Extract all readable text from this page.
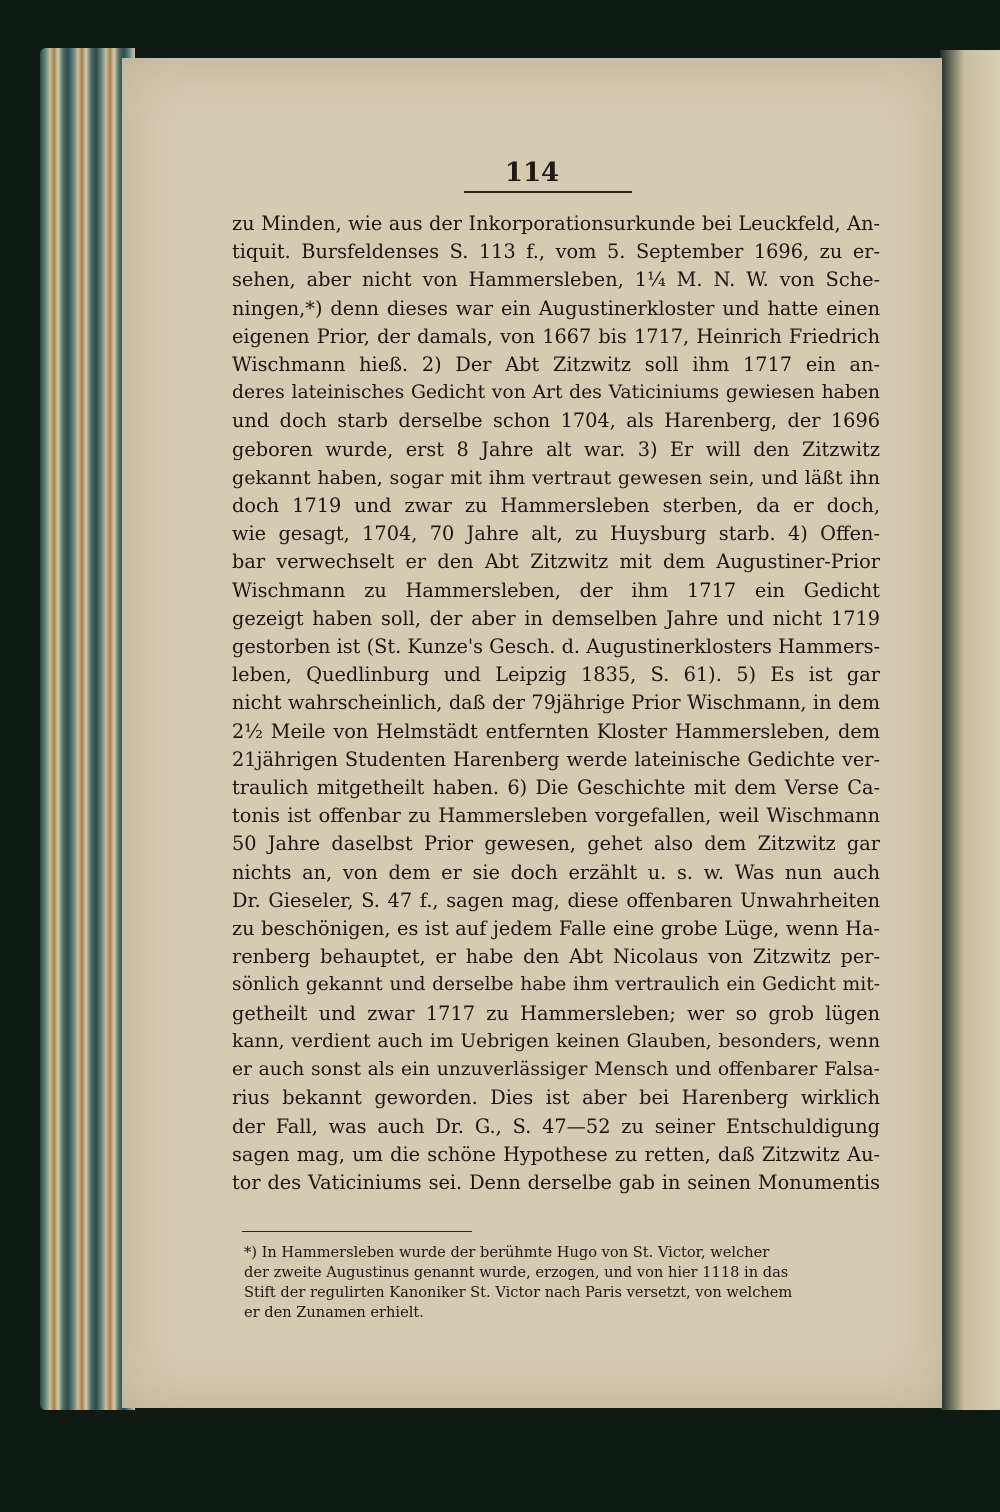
114
zu Minden, wie aus der Inkorporationsurkunde bei Leuckfeld, An-
tiquit. Bursfeldenses S. 113 f., vom 5. September 1696, zu er-
sehen, aber nicht von Hammersleben, 1¼ M. N. W. von Sche-
ningen,*) denn dieses war ein Augustinerkloster und hatte einen
eigenen Prior, der damals, von 1667 bis 1717, Heinrich Friedrich
Wischmann hieß. 2) Der Abt Zitzwitz soll ihm 1717 ein an-
deres lateinisches Gedicht von Art des Vaticiniums gewiesen haben
und doch starb derselbe schon 1704, als Harenberg, der 1696
geboren wurde, erst 8 Jahre alt war. 3) Er will den Zitzwitz
gekannt haben, sogar mit ihm vertraut gewesen sein, und läßt ihn
doch 1719 und zwar zu Hammersleben sterben, da er doch,
wie gesagt, 1704, 70 Jahre alt, zu Huysburg starb. 4) Offen-
bar verwechselt er den Abt Zitzwitz mit dem Augustiner-Prior
Wischmann zu Hammersleben, der ihm 1717 ein Gedicht
gezeigt haben soll, der aber in demselben Jahre und nicht 1719
gestorben ist (St. Kunze's Gesch. d. Augustinerklosters Hammers-
leben, Quedlinburg und Leipzig 1835, S. 61). 5) Es ist gar
nicht wahrscheinlich, daß der 79jährige Prior Wischmann, in dem
2½ Meile von Helmstädt entfernten Kloster Hammersleben, dem
21jährigen Studenten Harenberg werde lateinische Gedichte ver-
traulich mitgetheilt haben. 6) Die Geschichte mit dem Verse Ca-
tonis ist offenbar zu Hammersleben vorgefallen, weil Wischmann
50 Jahre daselbst Prior gewesen, gehet also dem Zitzwitz gar
nichts an, von dem er sie doch erzählt u. s. w. Was nun auch
Dr. Gieseler, S. 47 f., sagen mag, diese offenbaren Unwahrheiten
zu beschönigen, es ist auf jedem Falle eine grobe Lüge, wenn Ha-
renberg behauptet, er habe den Abt Nicolaus von Zitzwitz per-
sönlich gekannt und derselbe habe ihm vertraulich ein Gedicht mit-
getheilt und zwar 1717 zu Hammersleben; wer so grob lügen
kann, verdient auch im Uebrigen keinen Glauben, besonders, wenn
er auch sonst als ein unzuverlässiger Mensch und offenbarer Falsa-
rius bekannt geworden. Dies ist aber bei Harenberg wirklich
der Fall, was auch Dr. G., S. 47—52 zu seiner Entschuldigung
sagen mag, um die schöne Hypothese zu retten, daß Zitzwitz Au-
tor des Vaticiniums sei. Denn derselbe gab in seinen Monumentis
*) In Hammersleben wurde der berühmte Hugo von St. Victor, welcher
der zweite Augustinus genannt wurde, erzogen, und von hier 1118 in das
Stift der regulirten Kanoniker St. Victor nach Paris versetzt, von welchem
er den Zunamen erhielt.
